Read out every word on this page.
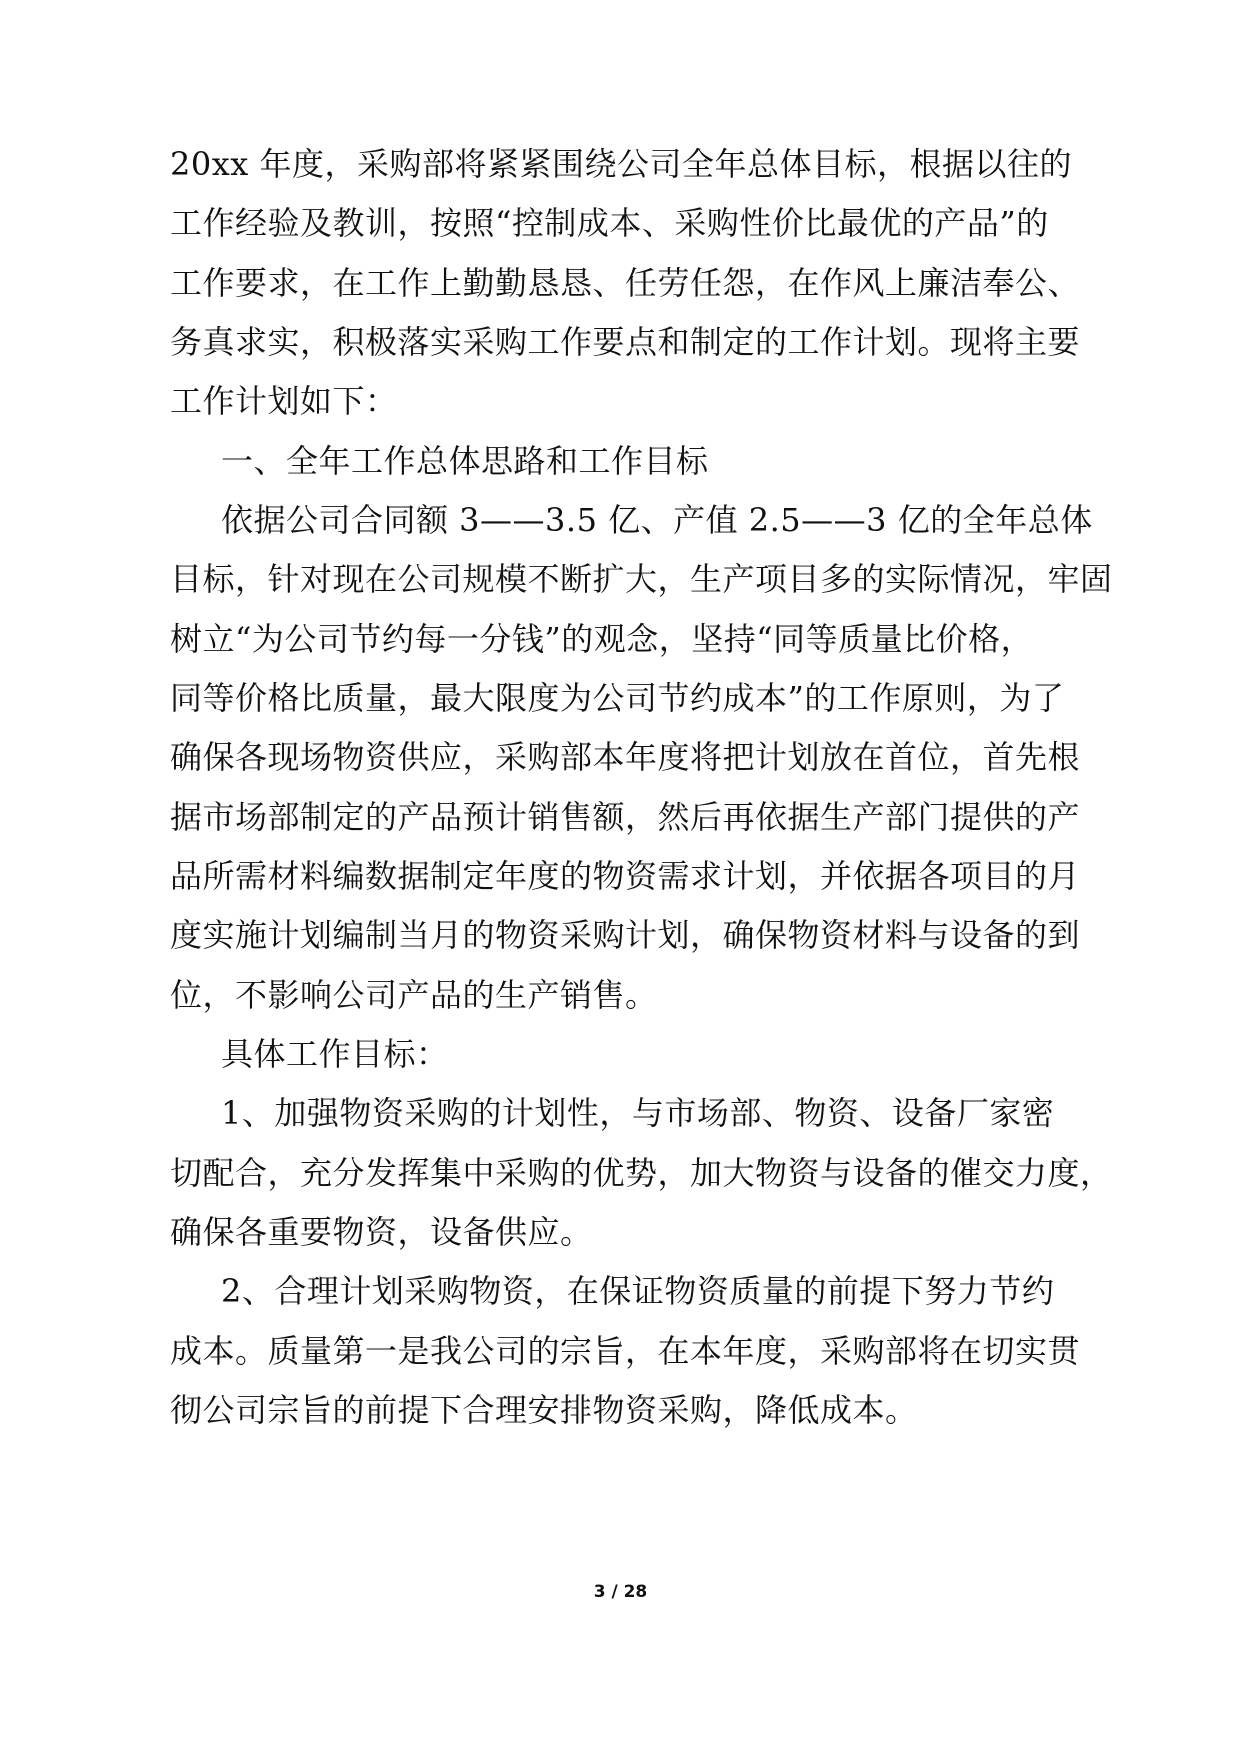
20xx 年度，采购部将紧紧围绕公司全年总体目标，根据以往的
工作经验及教训，按照“控制成本、采购性价比最优的产品”的
工作要求，在工作上勤勤恳恳、任劳任怨，在作风上廉洁奉公、
务真求实，积极落实采购工作要点和制定的工作计划。现将主要
工作计划如下：
一、全年工作总体思路和工作目标
依据公司合同额 3——3.5 亿、产值 2.5——3 亿的全年总体
目标，针对现在公司规模不断扩大，生产项目多的实际情况，牢固
树立“为公司节约每一分钱”的观念，坚持“同等质量比价格，
同等价格比质量，最大限度为公司节约成本”的工作原则，为了
确保各现场物资供应，采购部本年度将把计划放在首位，首先根
据市场部制定的产品预计销售额，然后再依据生产部门提供的产
品所需材料编数据制定年度的物资需求计划，并依据各项目的月
度实施计划编制当月的物资采购计划，确保物资材料与设备的到
位，不影响公司产品的生产销售。
具体工作目标：
1、加强物资采购的计划性，与市场部、物资、设备厂家密
切配合，充分发挥集中采购的优势，加大物资与设备的催交力度，
确保各重要物资，设备供应。
2、合理计划采购物资，在保证物资质量的前提下努力节约
成本。质量第一是我公司的宗旨，在本年度，采购部将在切实贯
彻公司宗旨的前提下合理安排物资采购，降低成本。
3 / 28
